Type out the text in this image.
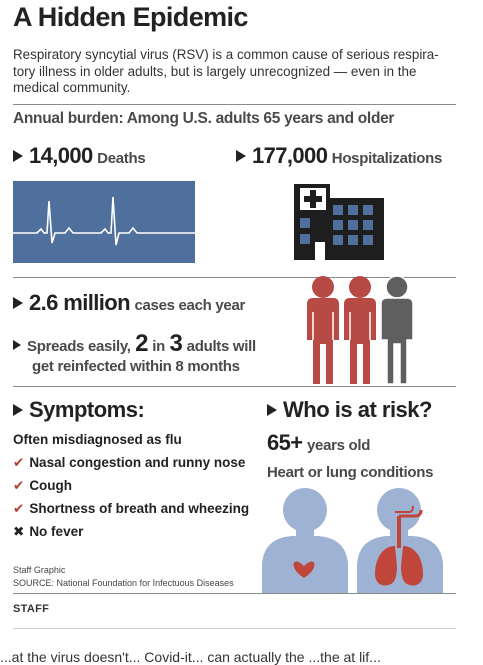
A Hidden Epidemic
Respiratory syncytial virus (RSV) is a common cause of serious respira-
tory illness in older adults, but is largely unrecognized — even in the
medical community.
Annual burden: Among U.S. adults 65 years and older
14,000 Deaths	177,000 Hospitalizations
2.6 million cases each year
Spreads easily, 2 in 3 adults will
get reinfected within 8 months
Symptoms:
Often misdiagnosed as flu
✔ Nasal congestion and runny nose
✔ Cough
✔ Shortness of breath and wheezing
✖ No fever
Who is at risk?
65+ years old
Heart or lung conditions
Staff Graphic
SOURCE: National Foundation for Infectuous Diseases
STAFF
...at the virus doesn't... Covid-it... can actually the ...the at lif...
